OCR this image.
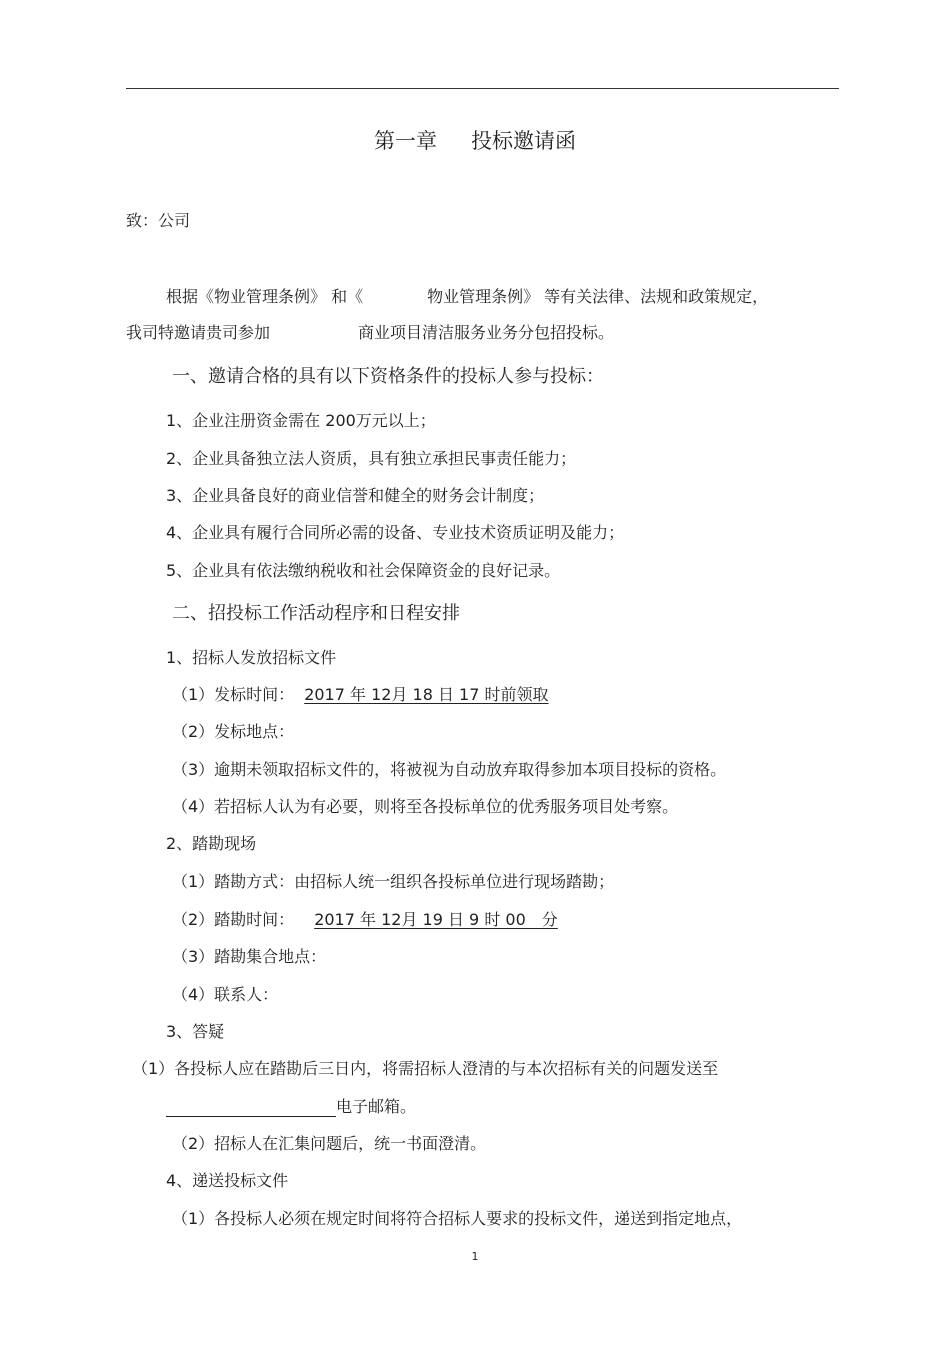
第一章 投标邀请函
致：公司
根据《物业管理条例》 和《	物业管理条例》 等有关法律、法规和政策规定，
我司特邀请贵司参加	商业项目清洁服务业务分包招投标。
一、邀请合格的具有以下资格条件的投标人参与投标：
1、企业注册资金需在 200万元以上；
2、企业具备独立法人资质，具有独立承担民事责任能力；
3、企业具备良好的商业信誉和健全的财务会计制度；
4、企业具有履行合同所必需的设备、专业技术资质证明及能力；
5、企业具有依法缴纳税收和社会保障资金的良好记录。
二、招投标工作活动程序和日程安排
1、招标人发放招标文件
（1）发标时间： 2017 年 12月 18 日 17 时前领取
（2）发标地点：
（3）逾期未领取招标文件的，将被视为自动放弃取得参加本项目投标的资格。
（4）若招标人认为有必要，则将至各投标单位的优秀服务项目处考察。
2、踏勘现场
（1）踏勘方式：由招标人统一组织各投标单位进行现场踏勘；
（2）踏勘时间： 2017 年 12月 19 日 9 时 00　分
（3）踏勘集合地点：
（4）联系人：
3、答疑
（1）各投标人应在踏勘后三日内，将需招标人澄清的与本次招标有关的问题发送至
电子邮箱。
（2）招标人在汇集问题后，统一书面澄清。
4、递送投标文件
（1）各投标人必须在规定时间将符合招标人要求的投标文件，递送到指定地点，
1
